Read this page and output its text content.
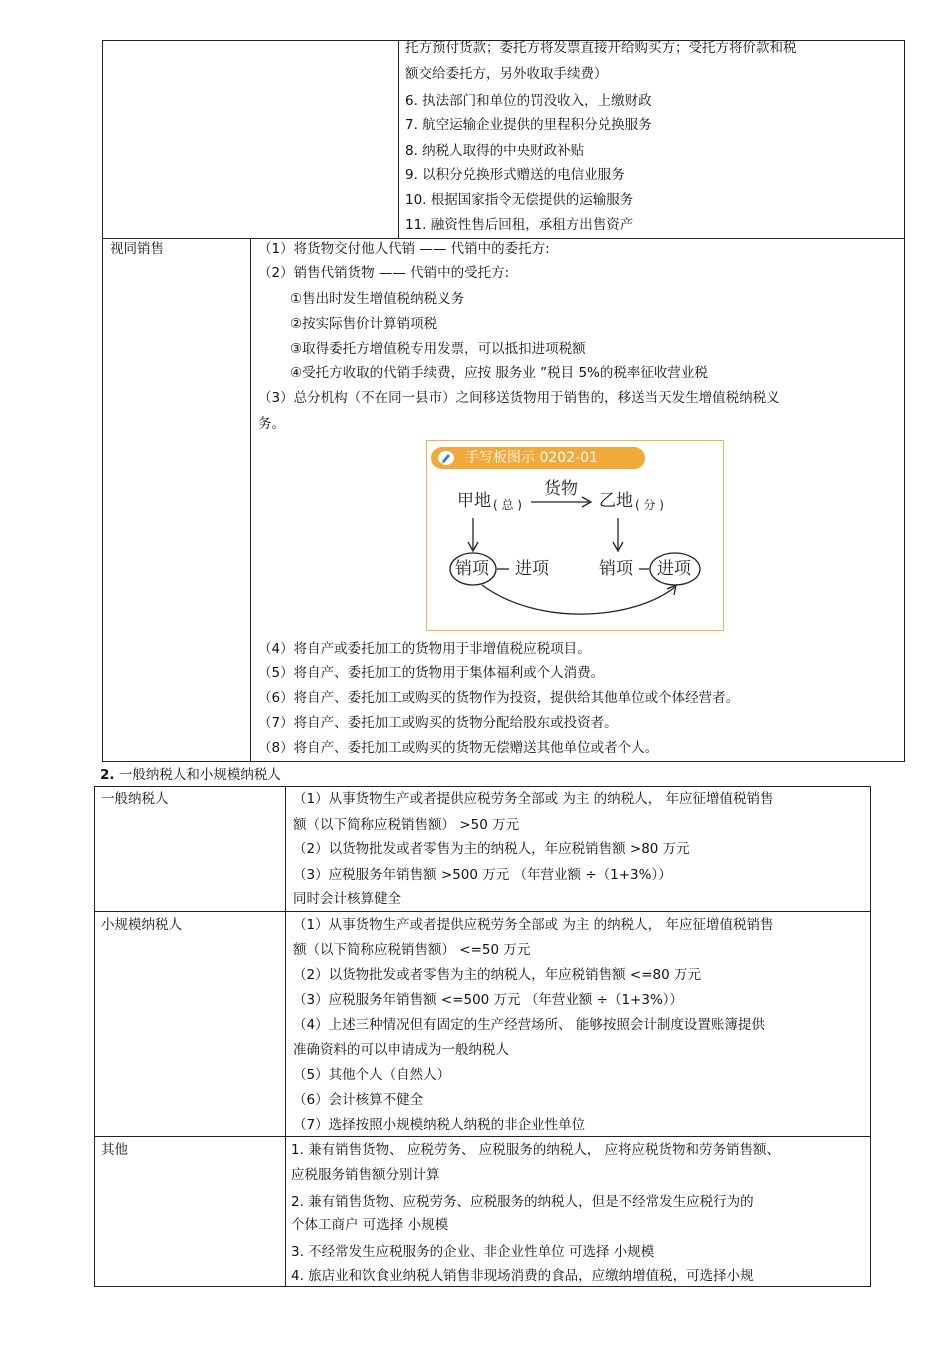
托方预付货款；委托方将发票直接开给购买方；受托方将价款和税
额交给委托方，另外收取手续费）
6. 执法部门和单位的罚没收入，上缴财政
7. 航空运输企业提供的里程积分兑换服务
8. 纳税人取得的中央财政补贴
9. 以积分兑换形式赠送的电信业服务
10. 根据国家指令无偿提供的运输服务
11. 融资性售后回租，承租方出售资产
视同销售	（1）将货物交付他人代销 —— 代销中的委托方:
（2）销售代销货物 —— 代销中的受托方:
①售出时发生增值税纳税义务
②按实际售价计算销项税
③取得委托方增值税专用发票，可以抵扣进项税额
④受托方收取的代销手续费，应按 服务业 ”税目 5%的税率征收营业税
（3）总分机构（不在同一县市）之间移送货物用于销售的，移送当天发生增值税纳税义
务。
手写板图示 0202-01
货物
甲地 ( 总 )	乙地 ( 分 )
销项 进项	销项 进项
（4）将自产或委托加工的货物用于非增值税应税项目。
（5）将自产、委托加工的货物用于集体福利或个人消费。
（6）将自产、委托加工或购买的货物作为投资，提供给其他单位或个体经营者。
（7）将自产、委托加工或购买的货物分配给股东或投资者。
（8）将自产、委托加工或购买的货物无偿赠送其他单位或者个人。
2. 一般纳税人和小规模纳税人
一般纳税人	（1）从事货物生产或者提供应税劳务全部或 为主 的纳税人， 年应征增值税销售
额（以下简称应税销售额） >50 万元
（2）以货物批发或者零售为主的纳税人，年应税销售额 >80 万元
（3）应税服务年销售额 >500 万元 （年营业额 ÷（1+3%））
同时会计核算健全
小规模纳税人	（1）从事货物生产或者提供应税劳务全部或 为主 的纳税人， 年应征增值税销售
额（以下简称应税销售额） <=50 万元
（2）以货物批发或者零售为主的纳税人，年应税销售额 <=80 万元
（3）应税服务年销售额 <=500 万元 （年营业额 ÷（1+3%））
（4）上述三种情况但有固定的生产经营场所、 能够按照会计制度设置账簿提供
准确资料的可以申请成为一般纳税人
（5）其他个人（自然人）
（6）会计核算不健全
（7）选择按照小规模纳税人纳税的非企业性单位
其他	1. 兼有销售货物、 应税劳务、 应税服务的纳税人， 应将应税货物和劳务销售额、
应税服务销售额分别计算
2. 兼有销售货物、应税劳务、应税服务的纳税人，但是不经常发生应税行为的
个体工商户 可选择 小规模
3. 不经常发生应税服务的企业、非企业性单位 可选择 小规模
4. 旅店业和饮食业纳税人销售非现场消费的食品，应缴纳增值税，可选择小规
